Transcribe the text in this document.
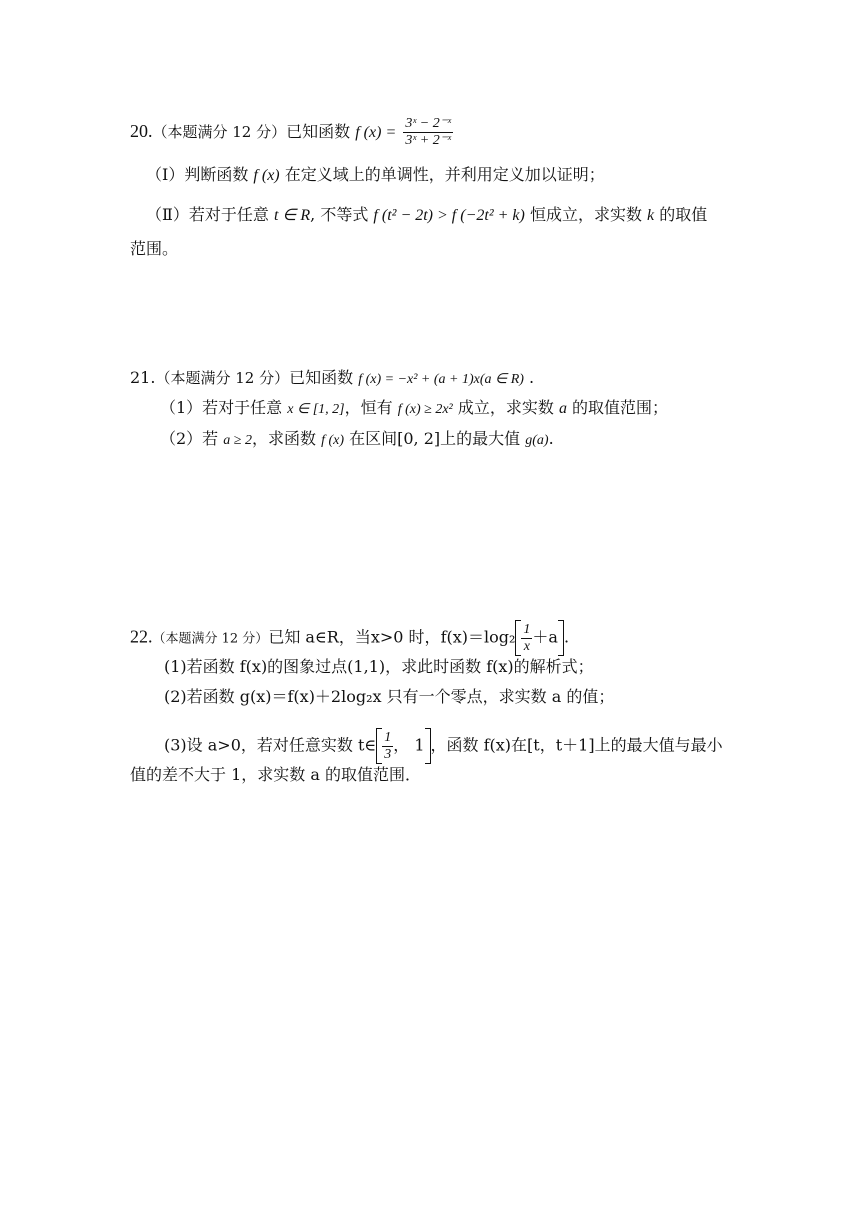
20.（本题满分 12 分）已知函数 f $(x) = \frac{\text{3ˣ − 2⁻ˣ}}{\text{3ˣ + 2⁻ˣ}}$
（Ⅰ）判断函数 f (x) 在定义域上的单调性，并利用定义加以证明；
（Ⅱ）若对于任意 t ∈ R, 不等式 f (t² − 2t) > f (−2t² + k) 恒成立，求实数 k 的取值
范围。
21.（本题满分 12 分）已知函数 f (x) = −x² + (a + 1)x(a ∈ R) .
（1）若对于任意 x ∈ [1, 2]，恒有 f (x) ≥ 2x² 成立，求实数 a 的取值范围；
（2）若 a ≥ 2，求函数 f (x) 在区间[0, 2]上的最大值 g(a).
22.（本题满分 12 分）已知 a∈R，当x>0 时，$f(x)=\log_2 \frac{1}{x} +a$ .
(1)若函数 f(x)的图象过点(1,1)，求此时函数 f(x)的解析式；
(2)若函数 g(x)＝f(x)＋2log₂x 只有一个零点，求实数 a 的值；
(3)设 a>0，若对任意实数 t∈ $\frac{1}{3}$ ， 1 ，函数 f(x)在[t，t＋1]上的最大值与最小
值的差不大于 1，求实数 a 的取值范围．
